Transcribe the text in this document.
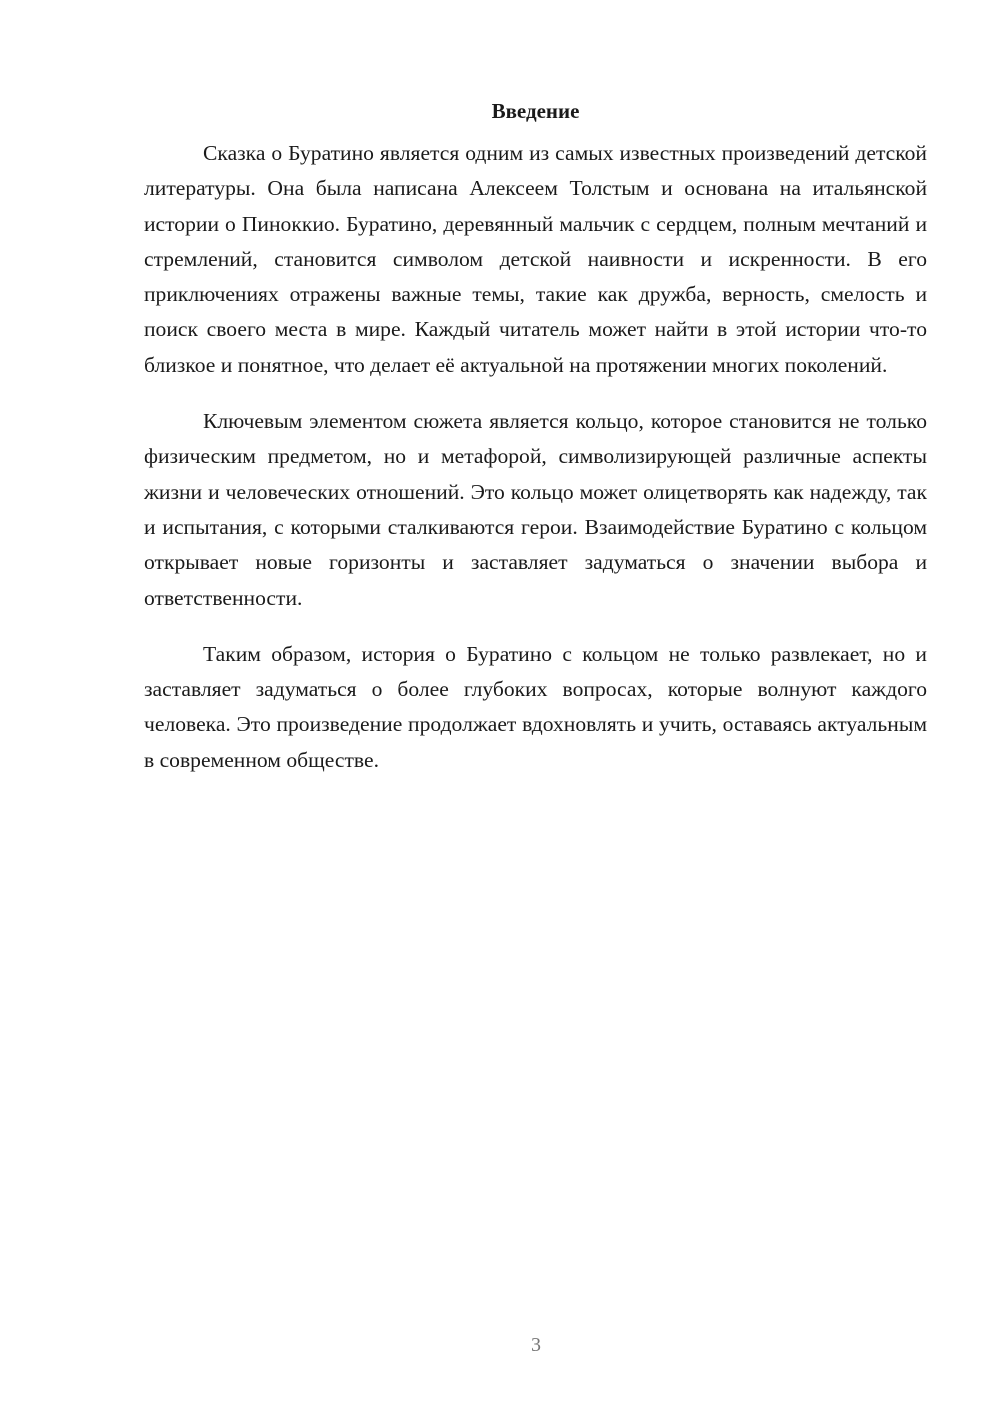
Введение

Сказка о Буратино является одним из самых известных произведений детской литературы. Она была написана Алексеем Толстым и основана на итальянской истории о Пиноккио. Буратино, деревянный мальчик с сердцем, полным мечтаний и стремлений, становится символом детской наивности и искренности. В его приключениях отражены важные темы, такие как дружба, верность, смелость и поиск своего места в мире. Каждый читатель может найти в этой истории что-то близкое и понятное, что делает её актуальной на протяжении многих поколений.

Ключевым элементом сюжета является кольцо, которое становится не только физическим предметом, но и метафорой, символизирующей различные аспекты жизни и человеческих отношений. Это кольцо может олицетворять как надежду, так и испытания, с которыми сталкиваются герои. Взаимодействие Буратино с кольцом открывает новые горизонты и заставляет задуматься о значении выбора и ответственности.

Таким образом, история о Буратино с кольцом не только развлекает, но и заставляет задуматься о более глубоких вопросах, которые волнуют каждого человека. Это произведение продолжает вдохновлять и учить, оставаясь актуальным в современном обществе.

3
